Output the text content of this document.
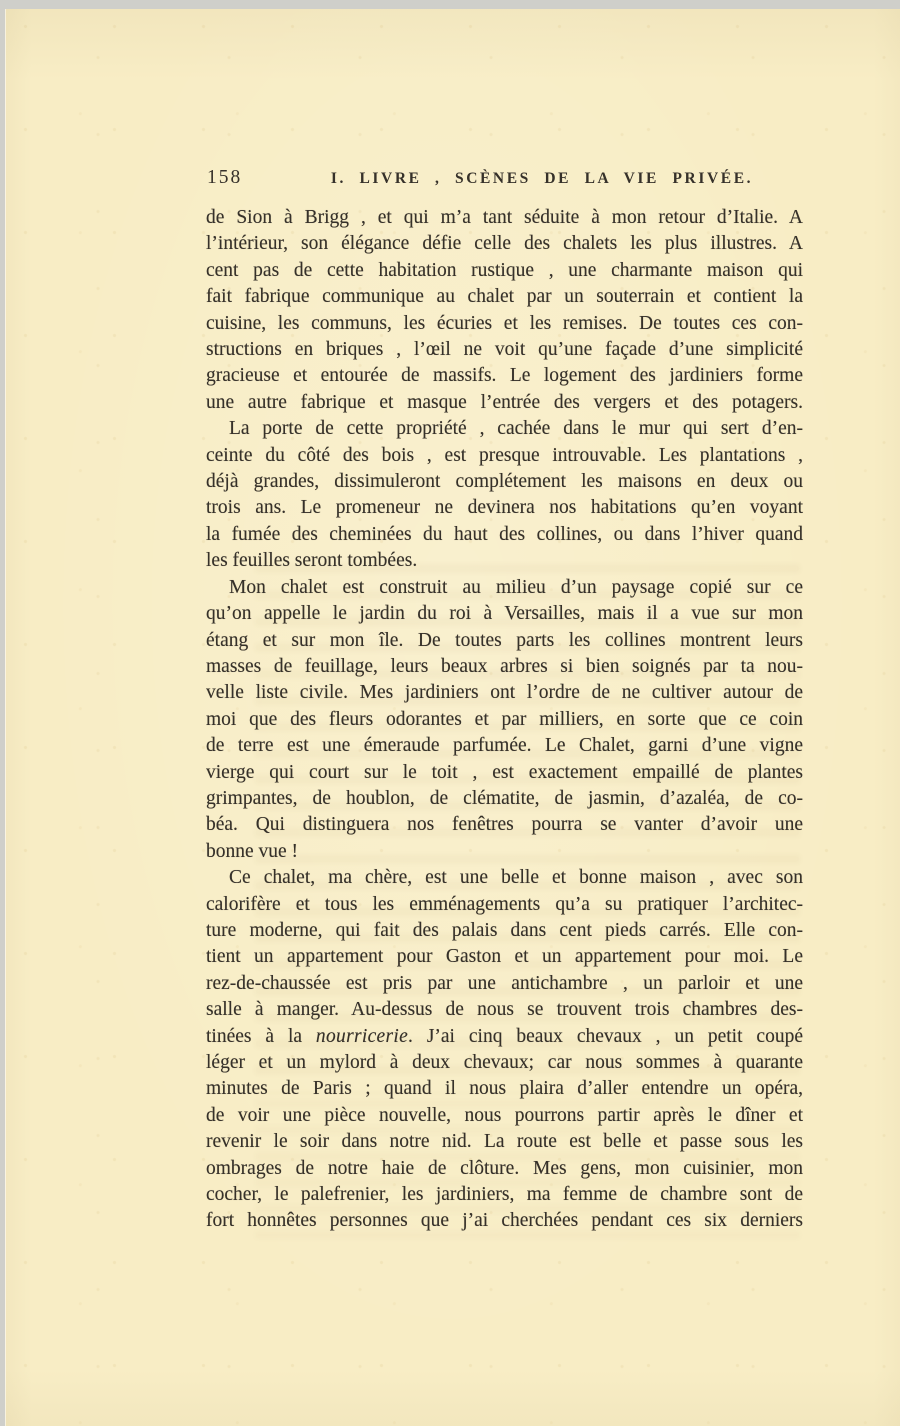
158	I. LIVRE , SCÈNES DE LA VIE PRIVÉE.
de Sion à Brigg , et qui m’a tant séduite à mon retour d’Italie. A
l’intérieur, son élégance défie celle des chalets les plus illustres. A
cent pas de cette habitation rustique , une charmante maison qui
fait fabrique communique au chalet par un souterrain et contient la
cuisine, les communs, les écuries et les remises. De toutes ces con-
structions en briques , l’œil ne voit qu’une façade d’une simplicité
gracieuse et entourée de massifs. Le logement des jardiniers forme
une autre fabrique et masque l’entrée des vergers et des potagers.
La porte de cette propriété , cachée dans le mur qui sert d’en-
ceinte du côté des bois , est presque introuvable. Les plantations ,
déjà grandes, dissimuleront complétement les maisons en deux ou
trois ans. Le promeneur ne devinera nos habitations qu’en voyant
la fumée des cheminées du haut des collines, ou dans l’hiver quand
les feuilles seront tombées.
Mon chalet est construit au milieu d’un paysage copié sur ce
qu’on appelle le jardin du roi à Versailles, mais il a vue sur mon
étang et sur mon île. De toutes parts les collines montrent leurs
masses de feuillage, leurs beaux arbres si bien soignés par ta nou-
velle liste civile. Mes jardiniers ont l’ordre de ne cultiver autour de
moi que des fleurs odorantes et par milliers, en sorte que ce coin
de terre est une émeraude parfumée. Le Chalet, garni d’une vigne
vierge qui court sur le toit , est exactement empaillé de plantes
grimpantes, de houblon, de clématite, de jasmin, d’azaléa, de co-
béa. Qui distinguera nos fenêtres pourra se vanter d’avoir une
bonne vue !
Ce chalet, ma chère, est une belle et bonne maison , avec son
calorifère et tous les emménagements qu’a su pratiquer l’architec-
ture moderne, qui fait des palais dans cent pieds carrés. Elle con-
tient un appartement pour Gaston et un appartement pour moi. Le
rez-de-chaussée est pris par une antichambre , un parloir et une
salle à manger. Au-dessus de nous se trouvent trois chambres des-
tinées à la nourricerie. J’ai cinq beaux chevaux , un petit coupé
léger et un mylord à deux chevaux; car nous sommes à quarante
minutes de Paris ; quand il nous plaira d’aller entendre un opéra,
de voir une pièce nouvelle, nous pourrons partir après le dîner et
revenir le soir dans notre nid. La route est belle et passe sous les
ombrages de notre haie de clôture. Mes gens, mon cuisinier, mon
cocher, le palefrenier, les jardiniers, ma femme de chambre sont de
fort honnêtes personnes que j’ai cherchées pendant ces six derniers
